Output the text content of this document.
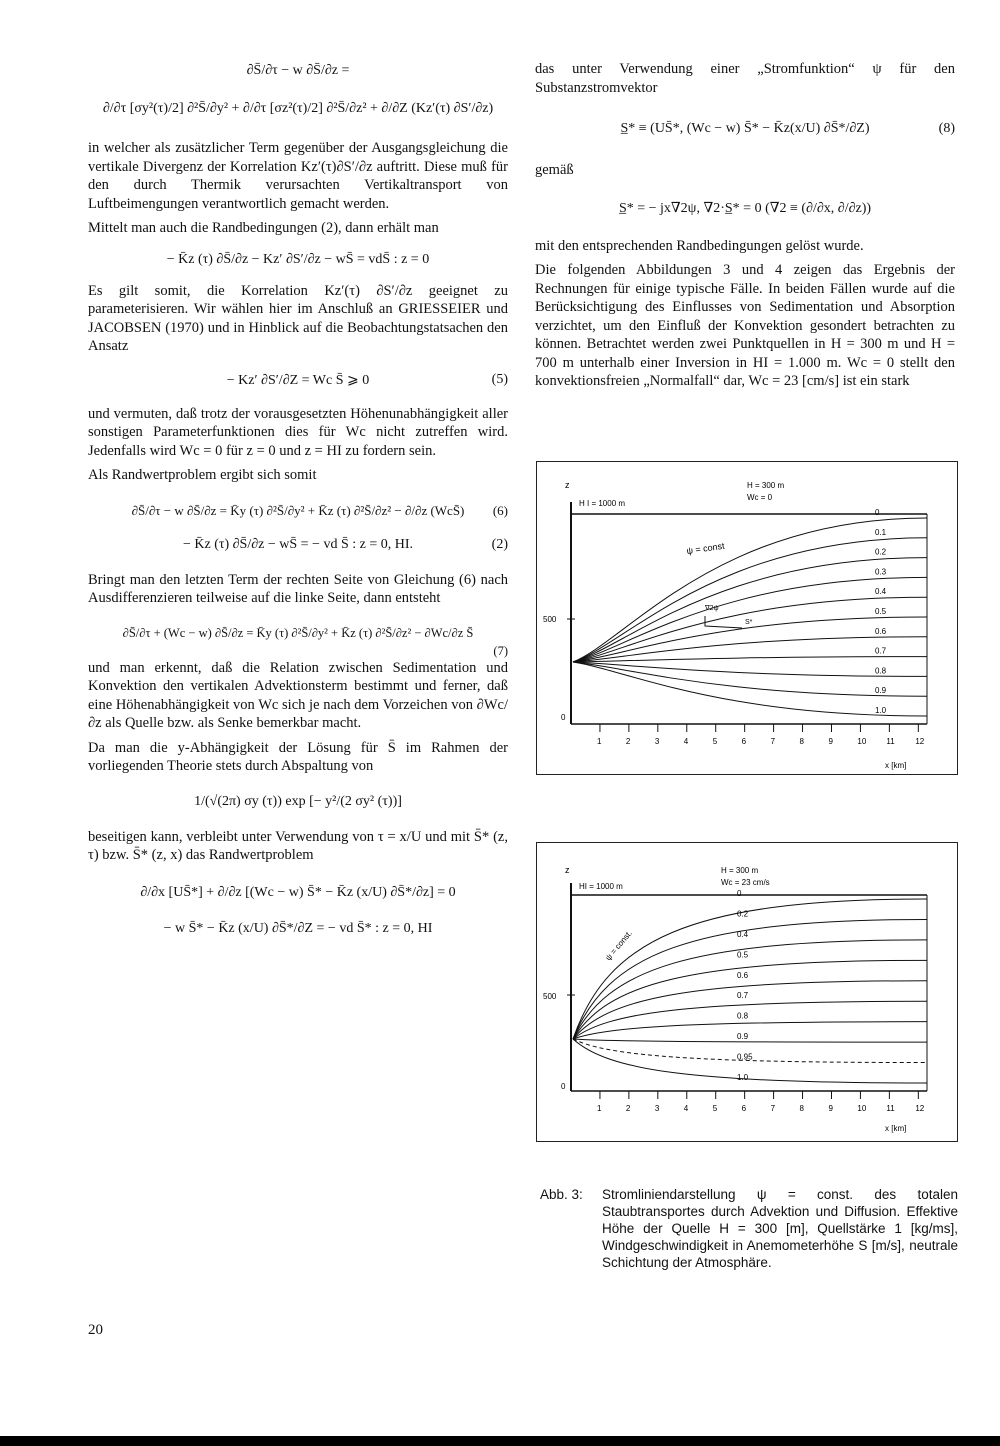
∂S̄/∂τ − w ∂S̄/∂z =
∂/∂τ [σy²(τ)/2] ∂²S̄/∂y² + ∂/∂τ [σz²(τ)/2] ∂²S̄/∂z² + ∂/∂Z (Kz′(τ) ∂S′/∂z)

in welcher als zusätzlicher Term gegenüber der Ausgangsgleichung die vertikale Divergenz der Korrelation Kz′(τ)∂S′/∂z auftritt. Diese muß für den durch Thermik verursachten Vertikaltransport von Luftbeimengungen verantwortlich gemacht werden.

Mittelt man auch die Randbedingungen (2), dann erhält man

− K̄z (τ) ∂S̄/∂z − Kz′ ∂S′/∂z − wS̄ = vdS̄ : z = 0

Es gilt somit, die Korrelation Kz′(τ) ∂S′/∂z geeignet zu parameterisieren. Wir wählen hier im Anschluß an GRIESSEIER und JACOBSEN (1970) und in Hinblick auf die Beobachtungstatsachen den Ansatz

− Kz′ ∂S′/∂Z = Wc S̄ ⩾ 0	(5)

und vermuten, daß trotz der vorausgesetzten Höhenunabhängigkeit aller sonstigen Parameterfunktionen dies für Wc nicht zutreffen wird. Jedenfalls wird Wc = 0 für z = 0 und z = HI zu fordern sein.

Als Randwertproblem ergibt sich somit

∂S̄/∂τ − w ∂S̄/∂z = K̄y (τ) ∂²S̄/∂y² + K̄z (τ) ∂²S̄/∂z² − ∂/∂z (WcS̄) (6)
− K̄z (τ) ∂S̄/∂z − wS̄ = − vd S̄ : z = 0, HI.	(2)

Bringt man den letzten Term der rechten Seite von Gleichung (6) nach Ausdifferenzieren teilweise auf die linke Seite, dann entsteht

∂S̄/∂τ + (Wc − w) ∂S̄/∂z = K̄y (τ) ∂²S̄/∂y² + K̄z (τ) ∂²S̄/∂z² − ∂Wc/∂z S̄
(7)

und man erkennt, daß die Relation zwischen Sedimentation und Konvektion den vertikalen Advektionsterm bestimmt und ferner, daß eine Höhenabhängigkeit von Wc sich je nach dem Vorzeichen von ∂Wc/∂z als Quelle bzw. als Senke bemerkbar macht.

Da man die y-Abhängigkeit der Lösung für S̄ im Rahmen der vorliegenden Theorie stets durch Abspaltung von

1/(√(2π) σy (τ)) exp [− y²/(2 σy² (τ))]

beseitigen kann, verbleibt unter Verwendung von τ = x/U und mit S̄* (z, τ) bzw. S̄* (z, x) das Randwertproblem

∂/∂x [US̄*] + ∂/∂z [(Wc − w) S̄* − K̄z (x/U) ∂S̄*/∂z] = 0
− w S̄* − K̄z (x/U) ∂S̄*/∂Z = − vd S̄* : z = 0, HI

das unter Verwendung einer „Stromfunktion“ ψ für den Substanzstromvektor

S̲* ≡ (US̄*, (Wc − w) S̄* − K̄z(x/U) ∂S̄*/∂Z)	(8)

gemäß

S̲* = − jx∇2ψ, ∇2·S̲* = 0 (∇2 ≡ (∂/∂x, ∂/∂z))

mit den entsprechenden Randbedingungen gelöst wurde.

Die folgenden Abbildungen 3 und 4 zeigen das Ergebnis der Rechnungen für einige typische Fälle. In beiden Fällen wurde auf die Berücksichtigung des Einflusses von Sedimentation und Absorption verzichtet, um den Einfluß der Konvektion gesondert betrachten zu können. Betrachtet werden zwei Punktquellen in H = 300 m und H = 700 m unterhalb einer Inversion in HI = 1.000 m. Wc = 0 stellt den konvektionsfreien „Normalfall“ dar, Wc = 23 [cm/s] ist ein stark

z
H I = 1000 m
H = 300 m
Wc = 0
ψ = const
∇2ψ
S*
500
0
1	2	3	4	5	6	7	8	9	10	11	12
0
0.1
0.2
0.3
0.4
0.5
0.6
0.7
0.8
0.9
1.0
x [km]
z
HI = 1000 m
H = 300 m
Wc = 23 cm/s
ψ = const.
500
0
1	2	3	4	5	6	7	8	9	10	11	12
0
0.2
0.4
0.5
0.6
0.7
0.8
0.9
0.95
1.0
x [km]
Abb. 3: Stromliniendarstellung ψ = const. des totalen Staubtransportes durch Advektion und Diffusion. Effektive Höhe der Quelle H = 300 [m], Quellstärke 1 [kg/ms], Windgeschwindigkeit in Anemometerhöhe S [m/s], neutrale Schichtung der Atmosphäre.
20
